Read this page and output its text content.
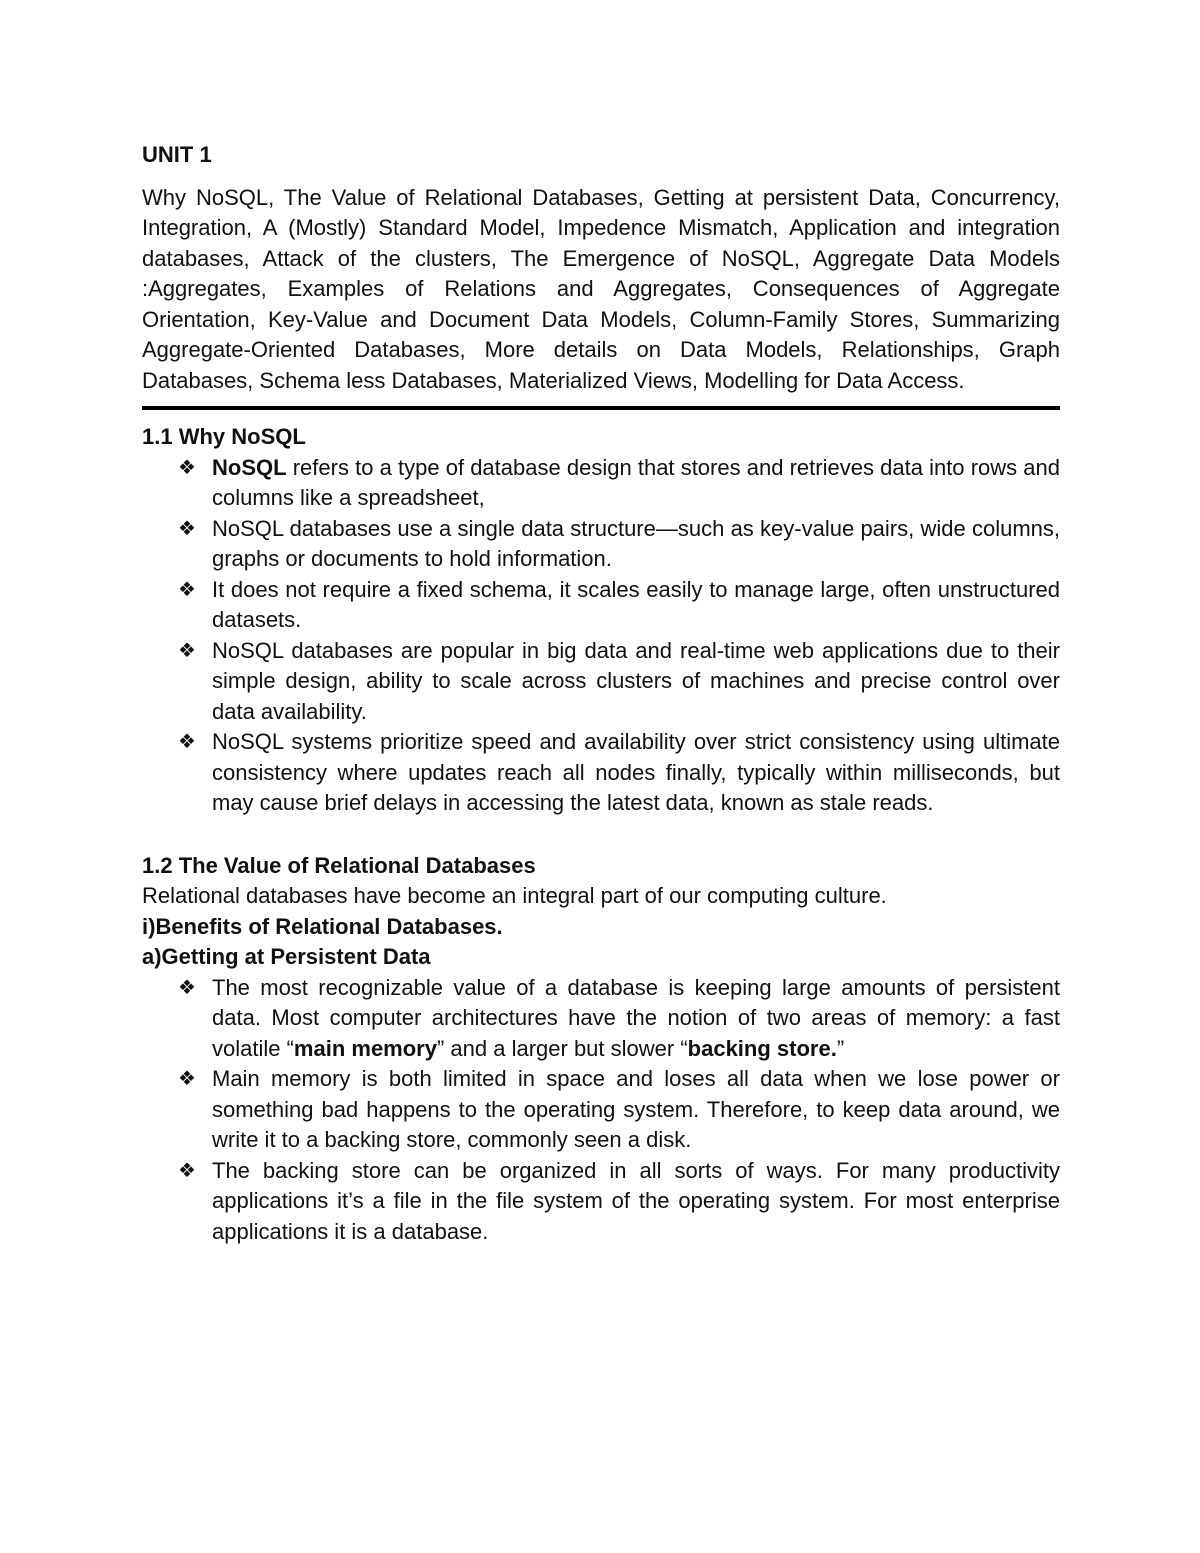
UNIT 1

Why NoSQL, The Value of Relational Databases, Getting at persistent Data, Concurrency, Integration, A (Mostly) Standard Model, Impedence Mismatch, Application and integration databases, Attack of the clusters, The Emergence of NoSQL, Aggregate Data Models :Aggregates, Examples of Relations and Aggregates, Consequences of Aggregate Orientation, Key-Value and Document Data Models, Column-Family Stores, Summarizing Aggregate-Oriented Databases, More details on Data Models, Relationships, Graph Databases, Schema less Databases, Materialized Views, Modelling for Data Access.

1.1 Why NoSQL

❖ NoSQL refers to a type of database design that stores and retrieves data into rows and columns like a spreadsheet,
❖ NoSQL databases use a single data structure—such as key-value pairs, wide columns, graphs or documents to hold information.
❖ It does not require a fixed schema, it scales easily to manage large, often unstructured datasets.
❖ NoSQL databases are popular in big data and real-time web applications due to their simple design, ability to scale across clusters of machines and precise control over data availability.
❖ NoSQL systems prioritize speed and availability over strict consistency using ultimate consistency where updates reach all nodes finally, typically within milliseconds, but may cause brief delays in accessing the latest data, known as stale reads.

1.2 The Value of Relational Databases

Relational databases have become an integral part of our computing culture.

i)Benefits of Relational Databases.

a)Getting at Persistent Data

❖ The most recognizable value of a database is keeping large amounts of persistent data. Most computer architectures have the notion of two areas of memory: a fast volatile “main memory” and a larger but slower “backing store.”
❖ Main memory is both limited in space and loses all data when we lose power or something bad happens to the operating system. Therefore, to keep data around, we write it to a backing store, commonly seen a disk.
❖ The backing store can be organized in all sorts of ways. For many productivity applications it’s a file in the file system of the operating system. For most enterprise applications it is a database.
